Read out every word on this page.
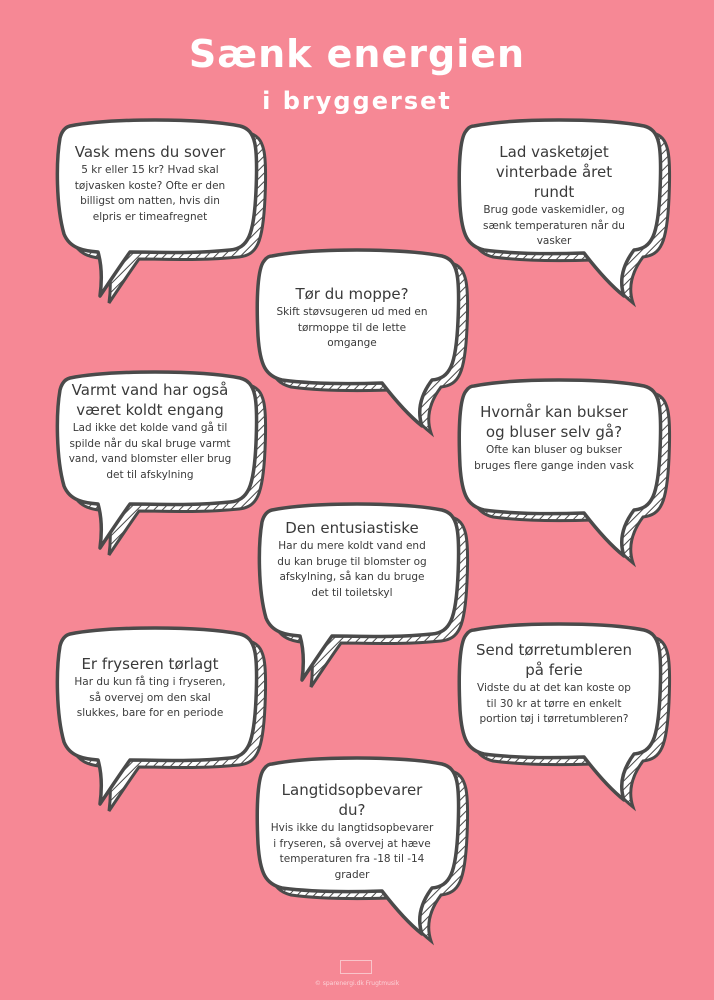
Sænk energien
i bryggerset
Vask mens du sover
5 kr eller 15 kr? Hvad skal tøjvasken koste? Ofte er den billigst om natten, hvis din elpris er timeafregnet
Lad vasketøjet vinterbade året rundt
Brug gode vaskemidler, og sænk temperaturen når du vasker
Tør du moppe?
Skift støvsugeren ud med en tørmoppe til de lette omgange
Varmt vand har også været koldt engang
Lad ikke det kolde vand gå til spilde når du skal bruge varmt vand, vand blomster eller brug det til afskylning
Hvornår kan bukser og bluser selv gå?
Ofte kan bluser og bukser bruges flere gange inden vask
Den entusiastiske
Har du mere koldt vand end du kan bruge til blomster og afskylning, så kan du bruge det til toiletskyl
Er fryseren tørlagt
Har du kun få ting i fryseren, så overvej om den skal slukkes, bare for en periode
Send tørretumbleren på ferie
Vidste du at det kan koste op til 30 kr at tørre en enkelt portion tøj i tørretumbleren?
Langtidsopbevarer du?
Hvis ikke du langtidsopbevarer i fryseren, så overvej at hæve temperaturen fra -18 til -14 grader
© sparenergi.dk Frugtmusik
